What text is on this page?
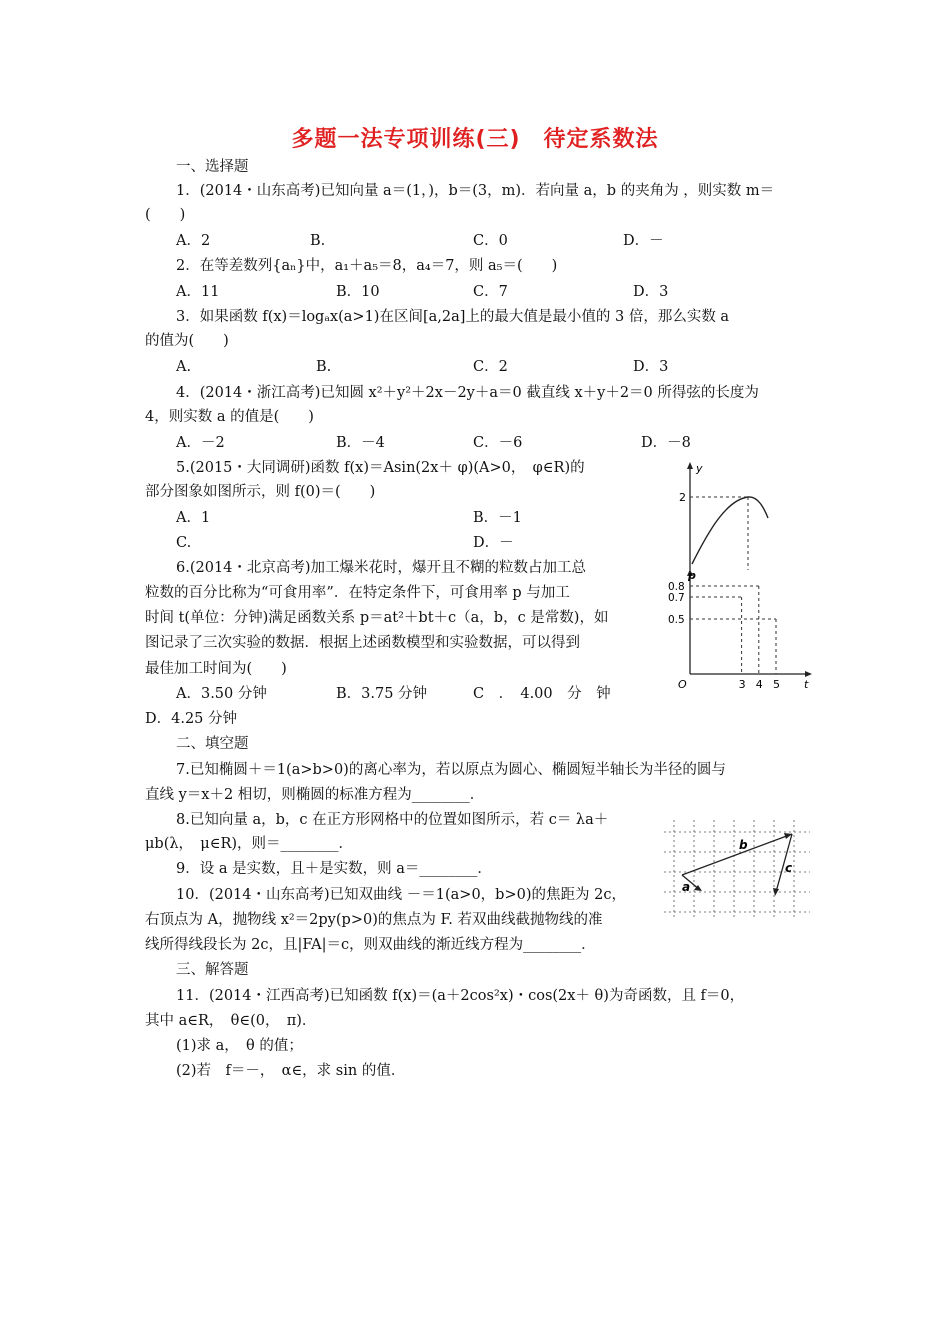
多题一法专项训练(三)　待定系数法
一、选择题
1．(2014・山东高考)已知向量 a＝(1，)，b＝(3，m)．若向量 a，b 的夹角为 ，则实数 m＝
(　　)
A．2	B.	C．0	D．－
2．在等差数列{aₙ}中，a₁＋a₅＝8，a₄＝7，则 a₅＝(　　)
A．11	B．10	C．7	D．3
3．如果函数 f(x)＝logₐx(a>1)在区间[a,2a]上的最大值是最小值的 3 倍，那么实数 a
的值为(　　)
A.	B.	C．2	D．3
4．(2014・浙江高考)已知圆 x²＋y²＋2x－2y＋a＝0 截直线 x＋y＋2＝0 所得弦的长度为
4，则实数 a 的值是(　　)
A．－2	B．－4	C．－6	D．－8
5.(2015・大同调研)函数 f(x)＝Asin(2x＋ φ)(A>0，　φ∈R)的
部分图象如图所示，则 f(0)＝(　　)
A．1	B．－1
C.	D．－
6.(2014・北京高考)加工爆米花时，爆开且不糊的粒数占加工总
粒数的百分比称为“可食用率”．在特定条件下，可食用率 p 与加工
时间 t(单位：分钟)满足函数关系 p＝at²＋bt＋c（a，b，c 是常数)，如
图记录了三次实验的数据．根据上述函数模型和实验数据，可以得到
最佳加工时间为(　　)
A．3.50 分钟	B．3.75 分钟	C　．　4.00　分　钟
D．4.25 分钟
二、填空题
7.已知椭圆＋＝1(a>b>0)的离心率为，若以原点为圆心、椭圆短半轴长为半径的圆与
直线 y＝x＋2 相切，则椭圆的标准方程为________．
8.已知向量 a，b，c 在正方形网格中的位置如图所示，若 c＝ λa＋
μb(λ，　μ∈R)，则＝________．
9．设 a 是实数，且＋是实数，则 a＝________．
10．(2014・山东高考)已知双曲线 －＝1(a>0，b>0)的焦距为 2c，
右顶点为 A，抛物线 x²＝2py(p>0)的焦点为 F. 若双曲线截抛物线的准
线所得线段长为 2c，且|FA|＝c，则双曲线的渐近线方程为________．
三、解答题
11．(2014・江西高考)已知函数 f(x)＝(a＋2cos²x)・cos(2x＋ θ)为奇函数，且 f＝0，
其中 a∈R，　θ∈(0，　π)．
(1)求 a，　θ 的值；
(2)若　f＝－，　α∈，求 sin 的值．
y
2
p
t
O	3 4 5
0.8
0.7
0.5
b
a
c
